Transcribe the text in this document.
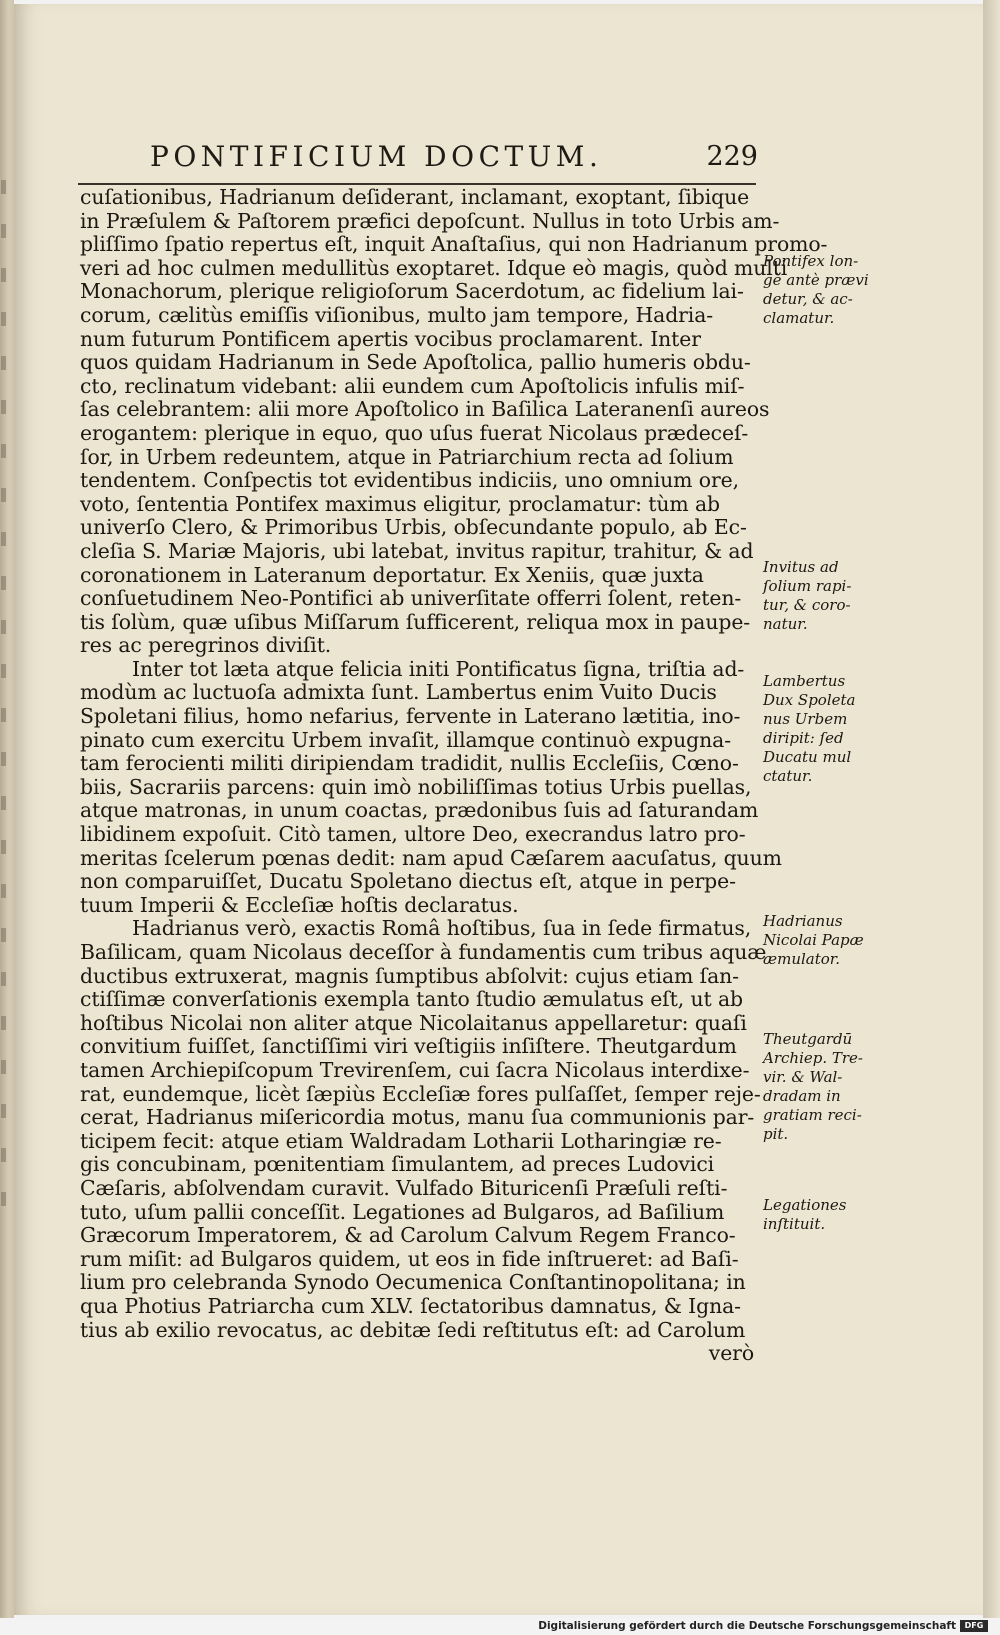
PONTIFICIUM DOCTUM.	229
cuſationibus, Hadrianum deſiderant, inclamant, exoptant, ſibique
in Præſulem & Paſtorem præfici depoſcunt. Nullus in toto Urbis am-
pliſſimo ſpatio repertus eſt, inquit Anaſtaſius, qui non Hadrianum promo-
veri ad hoc culmen medullitùs exoptaret. Idque eò magis, quòd multi
Monachorum, plerique religioſorum Sacerdotum, ac fidelium lai-
corum, cælitùs emiſſis viſionibus, multo jam tempore, Hadria-
num futurum Pontificem apertis vocibus proclamarent. Inter
quos quidam Hadrianum in Sede Apoſtolica, pallio humeris obdu-
cto, reclinatum videbant: alii eundem cum Apoſtolicis infulis miſ-
ſas celebrantem: alii more Apoſtolico in Baſilica Lateranenſi aureos
erogantem: plerique in equo, quo uſus fuerat Nicolaus prædeceſ-
ſor, in Urbem redeuntem, atque in Patriarchium recta ad ſolium
tendentem. Conſpectis tot evidentibus indiciis, uno omnium ore,
voto, ſententia Pontifex maximus eligitur, proclamatur: tùm ab
univerſo Clero, & Primoribus Urbis, obſecundante populo, ab Ec-
cleſia S. Mariæ Majoris, ubi latebat, invitus rapitur, trahitur, & ad
coronationem in Lateranum deportatur. Ex Xeniis, quæ juxta
conſuetudinem Neo-Pontifici ab univerſitate offerri ſolent, reten-
tis ſolùm, quæ uſibus Miſſarum ſufficerent, reliqua mox in paupe-
res ac peregrinos diviſit.
Inter tot læta atque felicia initi Pontificatus ſigna, triſtia ad-
modùm ac luctuoſa admixta ſunt. Lambertus enim Vuito Ducis
Spoletani filius, homo nefarius, fervente in Laterano lætitia, ino-
pinato cum exercitu Urbem invaſit, illamque continuò expugna-
tam ferocienti militi diripiendam tradidit, nullis Eccleſiis, Cœno-
biis, Sacrariis parcens: quin imò nobiliſſimas totius Urbis puellas,
atque matronas, in unum coactas, prædonibus ſuis ad ſaturandam
libidinem expoſuit. Citò tamen, ultore Deo, execrandus latro pro-
meritas ſcelerum pœnas dedit: nam apud Cæſarem aacuſatus, quum
non comparuiſſet, Ducatu Spoletano diectus eſt, atque in perpe-
tuum Imperii & Eccleſiæ hoſtis declaratus.
Hadrianus verò, exactis Româ hoſtibus, ſua in ſede firmatus,
Baſilicam, quam Nicolaus deceſſor à fundamentis cum tribus aquæ
ductibus extruxerat, magnis ſumptibus abſolvit: cujus etiam ſan-
ctiſſimæ converſationis exempla tanto ſtudio æmulatus eſt, ut ab
hoſtibus Nicolai non aliter atque Nicolaitanus appellaretur: quaſi
convitium fuiſſet, ſanctiſſimi viri veſtigiis inſiſtere. Theutgardum
tamen Archiepiſcopum Trevirenſem, cui ſacra Nicolaus interdixe-
rat, eundemque, licèt ſæpiùs Eccleſiæ fores pulſaſſet, ſemper reje-
cerat, Hadrianus miſericordia motus, manu ſua communionis par-
ticipem fecit: atque etiam Waldradam Lotharii Lotharingiæ re-
gis concubinam, pœnitentiam ſimulantem, ad preces Ludovici
Cæſaris, abſolvendam curavit. Vulfado Bituricenſi Præſuli reſti-
tuto, uſum pallii conceſſit. Legationes ad Bulgaros, ad Baſilium
Græcorum Imperatorem, & ad Carolum Calvum Regem Franco-
rum miſit: ad Bulgaros quidem, ut eos in fide inſtrueret: ad Baſi-
lium pro celebranda Synodo Oecumenica Conſtantinopolitana; in
qua Photius Patriarcha cum XLV. ſectatoribus damnatus, & Igna-
tius ab exilio revocatus, ac debitæ ſedi reſtitutus eſt: ad Carolum
verò
Pontifex lon-
gè antè prævi
detur, & ac-
clamatur.
Invitus ad
ſolium rapi-
tur, & coro-
natur.
Lambertus
Dux Spoleta
nus Urbem
diripit: ſed
Ducatu mul
ctatur.
Hadrianus
Nicolai Papæ
æmulator.
Theutgardū
Archiep. Tre-
vir. & Wal-
dradam in
gratiam reci-
pit.
Legationes
inſtituit.
Digitalisierung gefördert durch die Deutsche Forschungsgemeinschaft	DFG
